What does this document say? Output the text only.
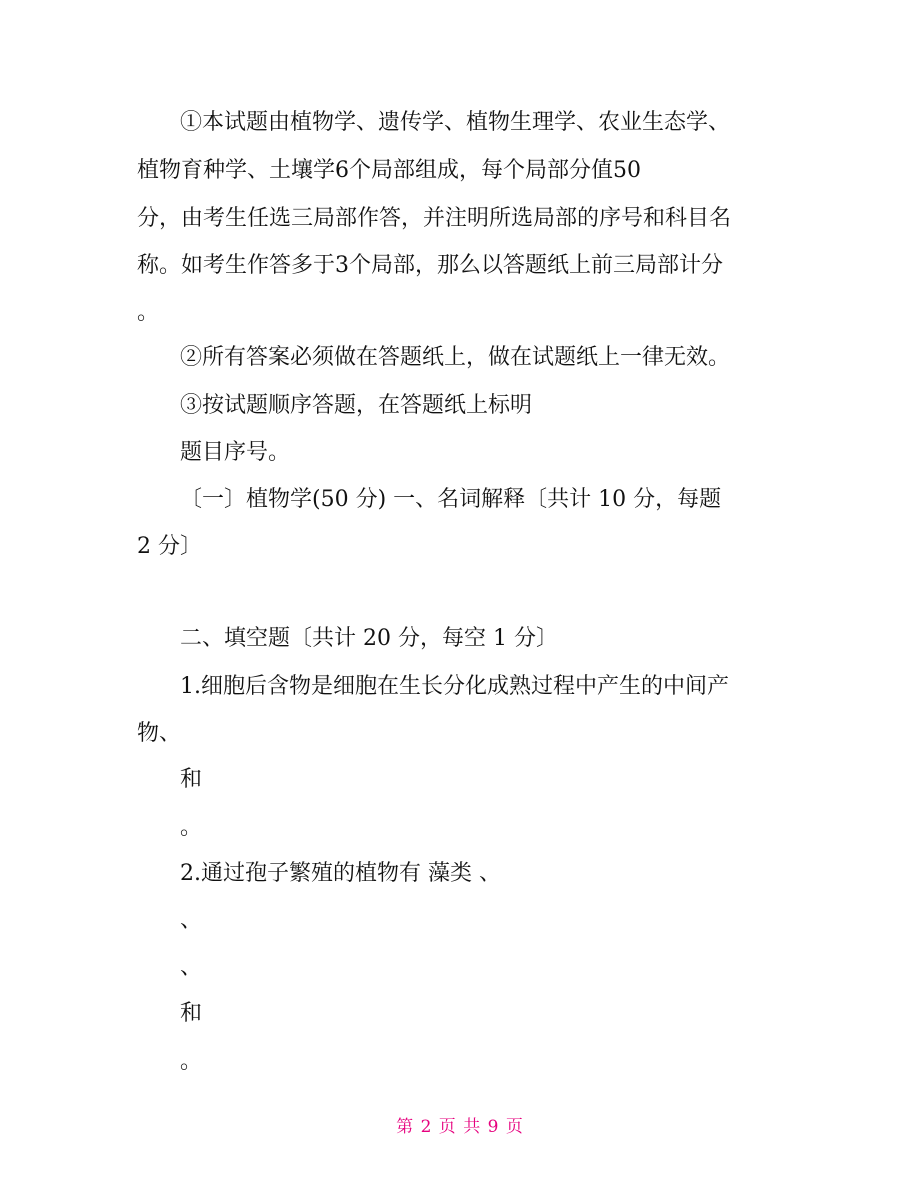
①本试题由植物学、遗传学、植物生理学、农业生态学、
植物育种学、土壤学6个局部组成，每个局部分值50
分，由考生任选三局部作答，并注明所选局部的序号和科目名
称。如考生作答多于3个局部，那么以答题纸上前三局部计分
。
②所有答案必须做在答题纸上，做在试题纸上一律无效。
③按试题顺序答题，在答题纸上标明
题目序号。
〔一〕植物学(50 分) 一、名词解释〔共计 10 分，每题
2 分〕
二、填空题〔共计 20 分，每空 1 分〕
1.细胞后含物是细胞在生长分化成熟过程中产生的中间产
物、
和
。
2.通过孢子繁殖的植物有 藻类 、
、
、
和
。
第 2 页 共 9 页
